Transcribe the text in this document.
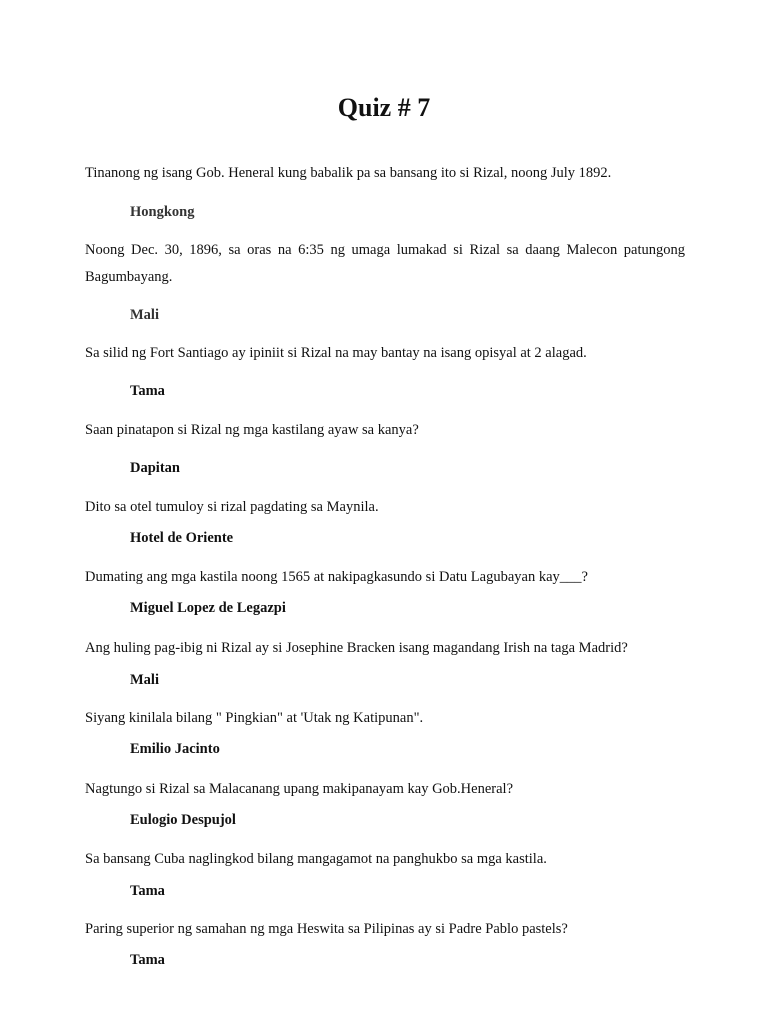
Quiz # 7
Tinanong ng isang Gob. Heneral kung babalik pa sa bansang ito si Rizal, noong July 1892.
Hongkong
Noong Dec. 30, 1896, sa oras na 6:35 ng umaga lumakad si Rizal sa daang Malecon patungong Bagumbayang.
Mali
Sa silid ng Fort Santiago ay ipiniit si Rizal na may bantay na isang opisyal at 2 alagad.
Tama
Saan pinatapon si Rizal ng mga kastilang ayaw sa kanya?
Dapitan
Dito sa otel tumuloy si rizal pagdating sa Maynila.
Hotel de Oriente
Dumating ang mga kastila noong 1565 at nakipagkasundo si Datu Lagubayan kay___?
Miguel Lopez de Legazpi
Ang huling pag-ibig ni Rizal ay si Josephine Bracken isang magandang Irish na taga Madrid?
Mali
Siyang kinilala bilang " Pingkian" at 'Utak ng Katipunan".
Emilio Jacinto
Nagtungo si Rizal sa Malacanang upang makipanayam kay Gob.Heneral?
Eulogio Despujol
Sa bansang Cuba naglingkod bilang mangagamot na panghukbo sa mga kastila.
Tama
Paring superior ng samahan ng mga Heswita sa Pilipinas ay si Padre Pablo pastels?
Tama
